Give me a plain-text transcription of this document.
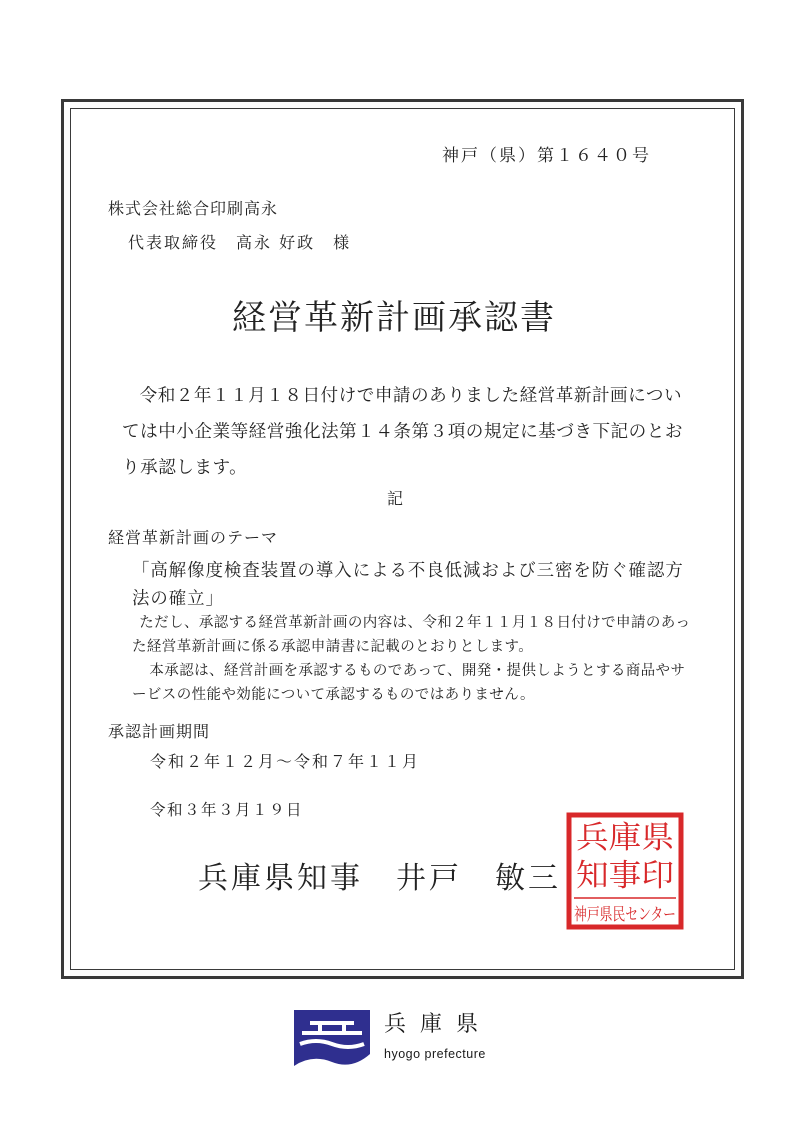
神戸（県）第１６４０号
株式会社総合印刷高永
代表取締役　高永 好政　様
経営革新計画承認書

令和２年１１月１８日付けで申請のありました経営革新計画については中小企業等経営強化法第１４条第３項の規定に基づき下記のとおり承認します。

記
経営革新計画のテーマ
「高解像度検査装置の導入による不良低減および三密を防ぐ確認方法の確立」

ただし、承認する経営革新計画の内容は、令和２年１１月１８日付けで申請のあった経営革新計画に係る承認申請書に記載のとおりとします。

本承認は、経営計画を承認するものであって、開発・提供しようとする商品やサービスの性能や効能について承認するものではありません。

承認計画期間
令和２年１２月～令和７年１１月
令和３年３月１９日
兵庫県知事　井戸　敏三
兵庫県
知事印
神戸県民センター
兵庫県
hyogo prefecture
